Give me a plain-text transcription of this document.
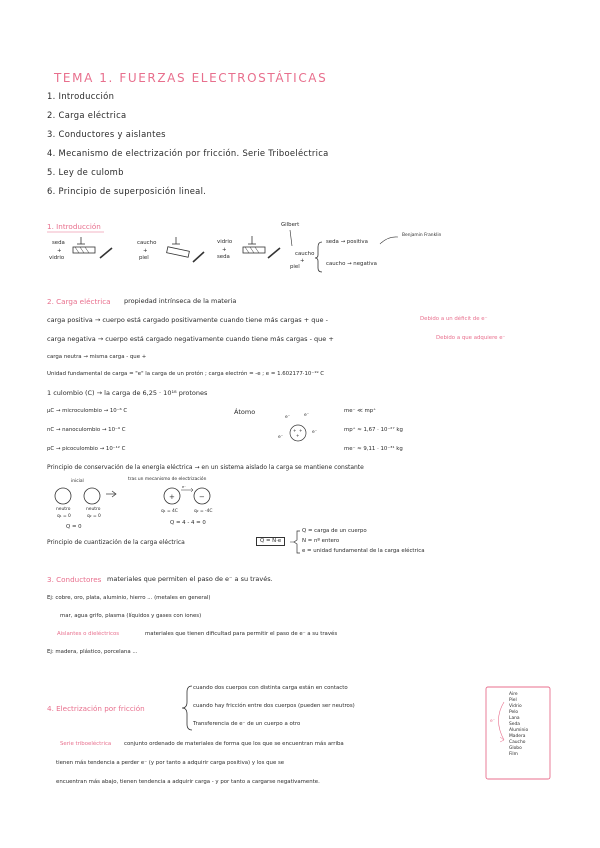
TEMA 1. FUERZAS ELECTROSTÁTICAS
1. Introducción
2. Carga eléctrica
3. Conductores y aislantes
4. Mecanismo de electrización por fricción. Serie Triboeléctrica
5. Ley de culomb
6. Principio de superposición lineal.
1. Introducción
seda
+
vidrio
caucho
+
piel
vidrio
+
seda
Gilbert
caucho
+
piel
seda → positiva
caucho → negativa
Benjamin Franklin
2. Carga eléctrica propiedad intrínseca de la materia
carga positiva → cuerpo está cargado positivamente cuando tiene más cargas + que -	Debido a un déficit de e⁻
carga negativa → cuerpo está cargado negativamente cuando tiene más cargas - que +	Debido a que adquiere e⁻
carga neutra → misma carga - que +
Unidad fundamental de carga = "e" la carga de un protón ; carga electrón = -e ; e = 1.602177·10⁻¹⁹ C
1 culombio (C) → la carga de 6,25 · 10¹⁸ protones
μC → microculombio → 10⁻⁶ C
nC → nanoculombio → 10⁻⁹ C
pC → picoculombio → 10⁻¹² C
Átomo
+ +
+
e⁻	e⁻
e⁻
e⁻
me⁻ ≪ mp⁺
mp⁺ ≈ 1,67 · 10⁻²⁷ kg
me⁻ ≈ 9,11 · 10⁻³¹ kg
Principio de conservación de la energía eléctrica → en un sistema aislado la carga se mantiene constante
inicial	tras un mecanismo de electrización
+	−
e⁻
neutro
q₁ = 0
neutro
q₂ = 0
Q = 0
q₁ = 4C	q₂ = -4C
Q = 4 - 4 = 0
Principio de cuantización de la carga eléctrica	Q = N·e
Q = carga de un cuerpo
N = nº entero
e = unidad fundamental de la carga eléctrica
3. Conductores materiales que permiten el paso de e⁻ a su través.
Ej: cobre, oro, plata, aluminio, hierro ... (metales en general)
mar, agua grifo, plasma (líquidos y gases con iones)
Aislantes o dieléctricos	materiales que tienen dificultad para permitir el paso de e⁻ a su través
Ej: madera, plástico, porcelana ...
4. Electrización por fricción
cuando dos cuerpos con distinta carga están en contacto
cuando hay fricción entre dos cuerpos (pueden ser neutros)
Transferencia de e⁻ de un cuerpo a otro
Serie triboeléctrica conjunto ordenado de materiales de forma que los que se encuentran más arriba
tienen más tendencia a perder e⁻ (y por tanto a adquirir carga positiva) y los que se
encuentran más abajo, tienen tendencia a adquirir carga - y por tanto a cargarse negativamente.
e⁻
Aire
Piel
Vidrio
Pelo
Lana
Seda
Aluminio
Madera
Caucho
Globo
Film
